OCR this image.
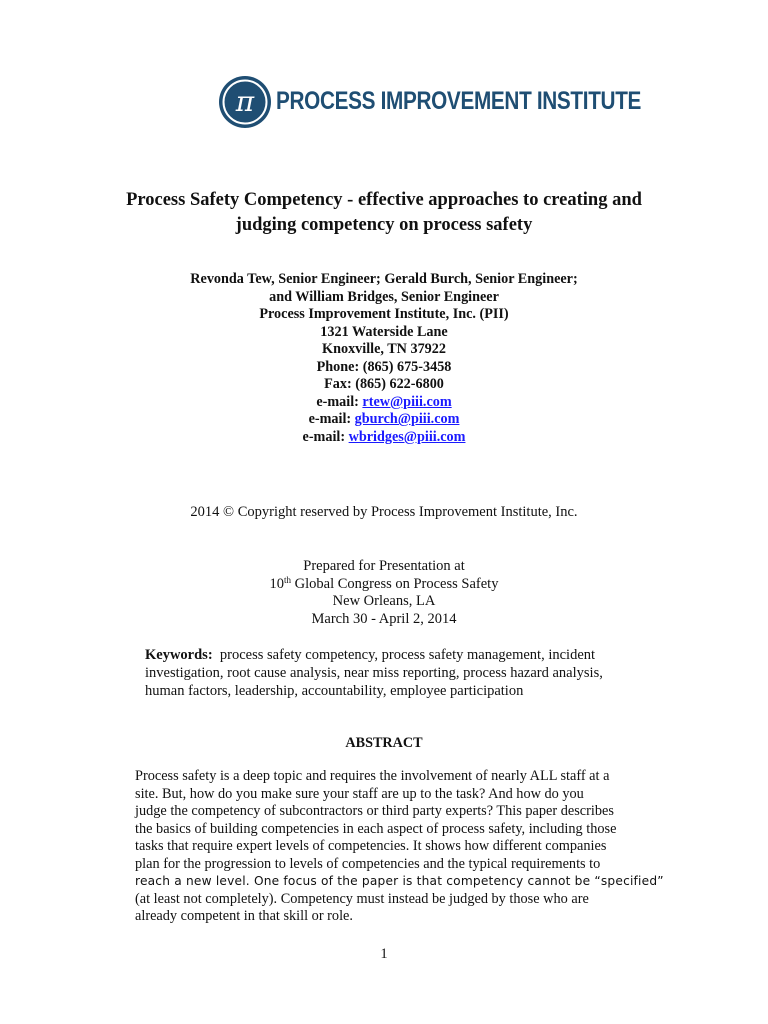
π PROCESS IMPROVEMENT INSTITUTE
Process Safety Competency - effective approaches to creating and
judging competency on process safety
Revonda Tew, Senior Engineer; Gerald Burch, Senior Engineer;
and William Bridges, Senior Engineer
Process Improvement Institute, Inc. (PII)
1321 Waterside Lane
Knoxville, TN 37922
Phone: (865) 675-3458
Fax: (865) 622-6800
e-mail: rtew@piii.com
e-mail: gburch@piii.com
e-mail: wbridges@piii.com
2014 © Copyright reserved by Process Improvement Institute, Inc.
Prepared for Presentation at
10th Global Congress on Process Safety
New Orleans, LA
March 30 - April 2, 2014
Keywords: process safety competency, process safety management, incident
investigation, root cause analysis, near miss reporting, process hazard analysis,
human factors, leadership, accountability, employee participation
ABSTRACT
Process safety is a deep topic and requires the involvement of nearly ALL staff at a
site. But, how do you make sure your staff are up to the task? And how do you
judge the competency of subcontractors or third party experts? This paper describes
the basics of building competencies in each aspect of process safety, including those
tasks that require expert levels of competencies. It shows how different companies
plan for the progression to levels of competencies and the typical requirements to
reach a new level. One focus of the paper is that competency cannot be “specified”
(at least not completely). Competency must instead be judged by those who are
already competent in that skill or role.
1
